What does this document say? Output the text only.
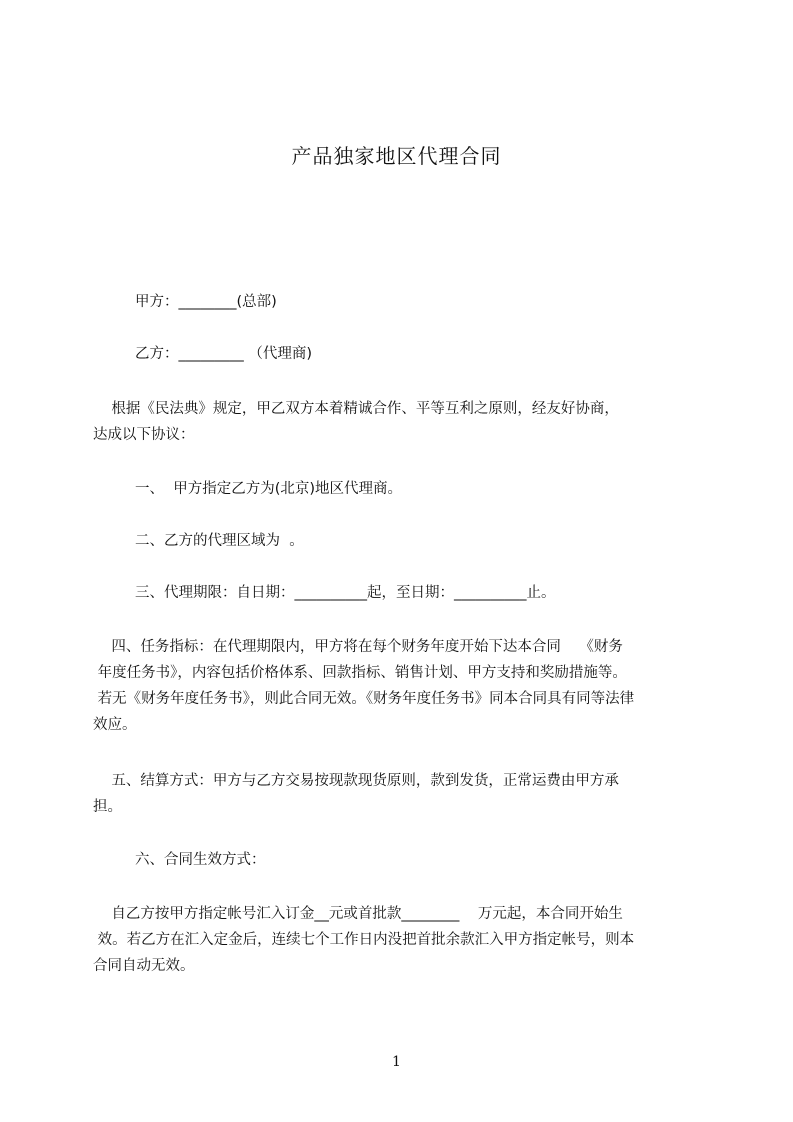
产品独家地区代理合同

甲方：________(总部)

乙方：_________ （代理商)

根据《民法典》规定，甲乙双方本着精诚合作、平等互利之原则，经友好协商，
达成以下协议：

一、  甲方指定乙方为(北京)地区代理商。

二、乙方的代理区域为  。

三、代理期限：自日期：__________起，至日期：__________止。

四、任务指标：在代理期限内，甲方将在每个财务年度开始下达本合同    《财务
年度任务书》，内容包括价格体系、回款指标、销售计划、甲方支持和奖励措施等。
若无《财务年度任务书》，则此合同无效。《财务年度任务书》同本合同具有同等法律
效应。
五、结算方式：甲方与乙方交易按现款现货原则，款到发货，正常运费由甲方承
担。

六、合同生效方式：

自乙方按甲方指定帐号汇入订金__元或首批款________    万元起，本合同开始生
效。若乙方在汇入定金后，连续七个工作日内没把首批余款汇入甲方指定帐号，则本
合同自动无效。

1
